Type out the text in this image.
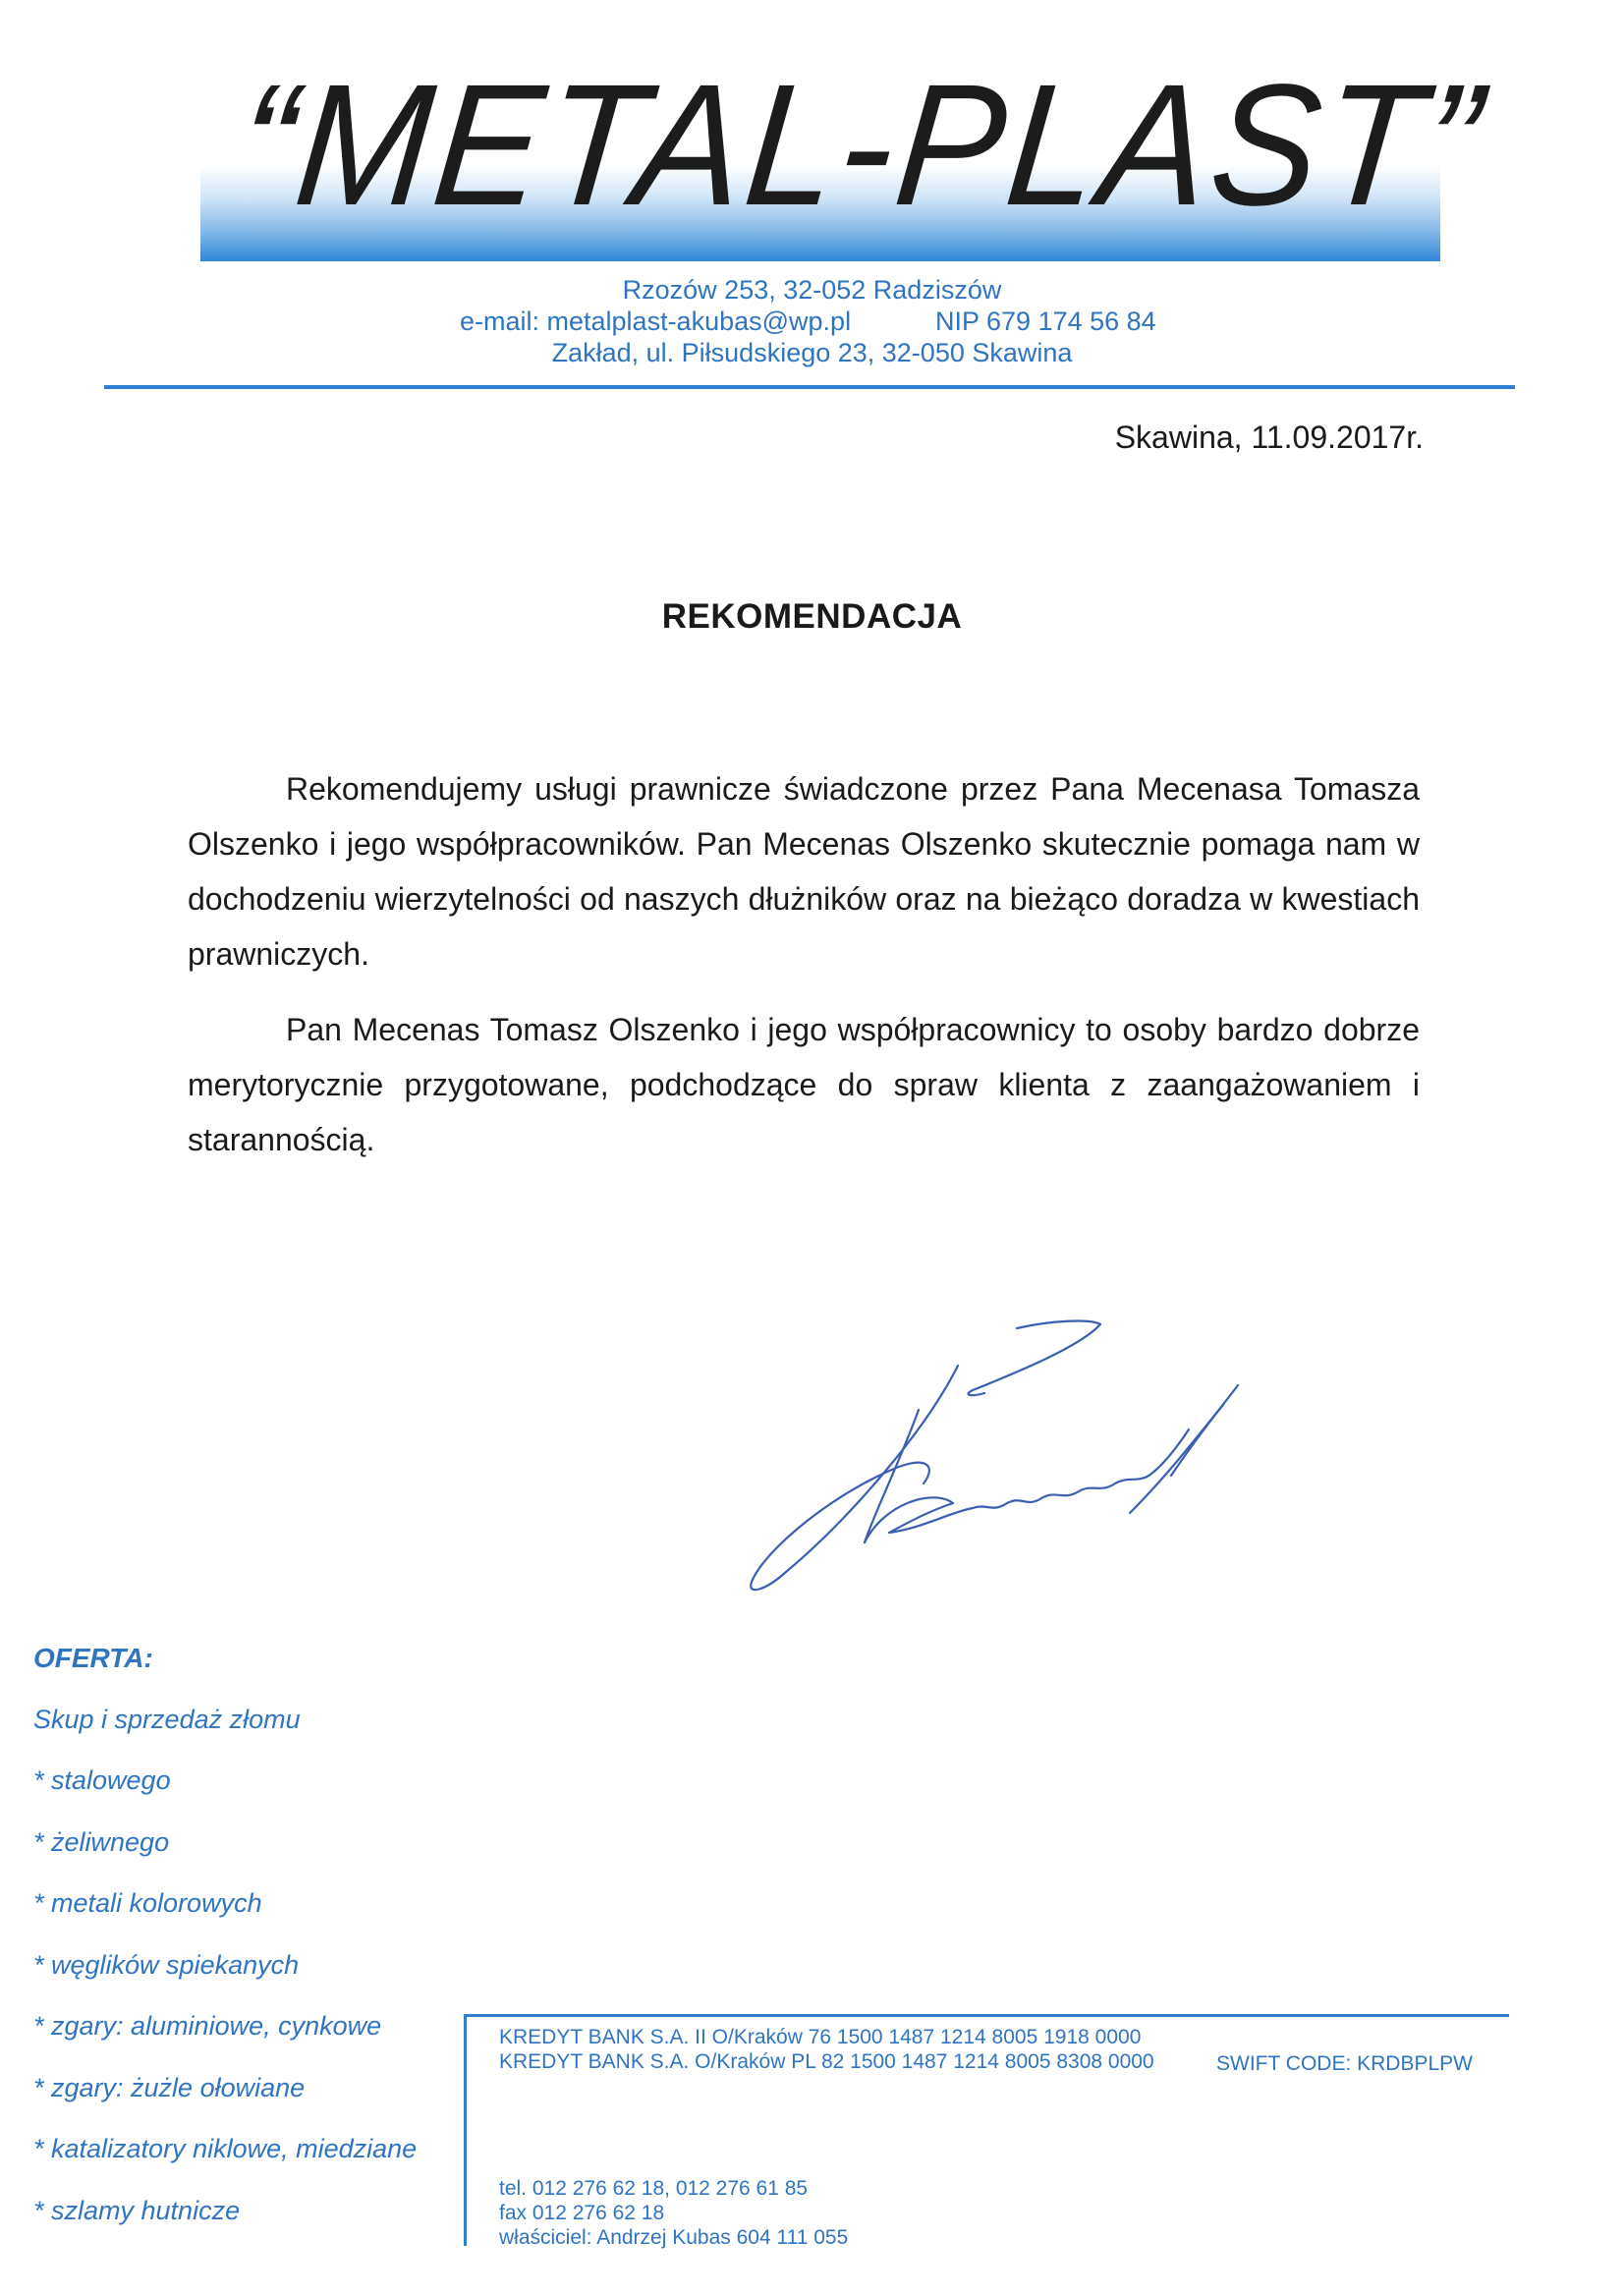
“METAL-PLAST”
Rzozów 253, 32-052 Radziszów
e-mail: metalplast-akubas@wp.pl	NIP 679 174 56 84
Zakład, ul. Piłsudskiego 23, 32-050 Skawina
Skawina, 11.09.2017r.
REKOMENDACJA

Rekomendujemy usługi prawnicze świadczone przez Pana Mecenasa Tomasza Olszenko i jego współpracowników. Pan Mecenas Olszenko skutecznie pomaga nam w dochodzeniu wierzytelności od naszych dłużników oraz na bieżąco doradza w kwestiach prawniczych.

Pan Mecenas Tomasz Olszenko i jego współpracownicy to osoby bardzo dobrze merytorycznie przygotowane, podchodzące do spraw klienta z zaangażowaniem i starannością.

OFERTA:
Skup i sprzedaż złomu
* stalowego
* żeliwnego
* metali kolorowych
* węglików spiekanych
* zgary: aluminiowe, cynkowe
* zgary: żużle ołowiane
* katalizatory niklowe, miedziane
* szlamy hutnicze
KREDYT BANK S.A. II O/Kraków 76 1500 1487 1214 8005 1918 0000
KREDYT BANK S.A. O/Kraków PL 82 1500 1487 1214 8005 8308 0000	SWIFT CODE: KRDBPLPW
tel. 012 276 62 18, 012 276 61 85
fax 012 276 62 18
właściciel: Andrzej Kubas 604 111 055
